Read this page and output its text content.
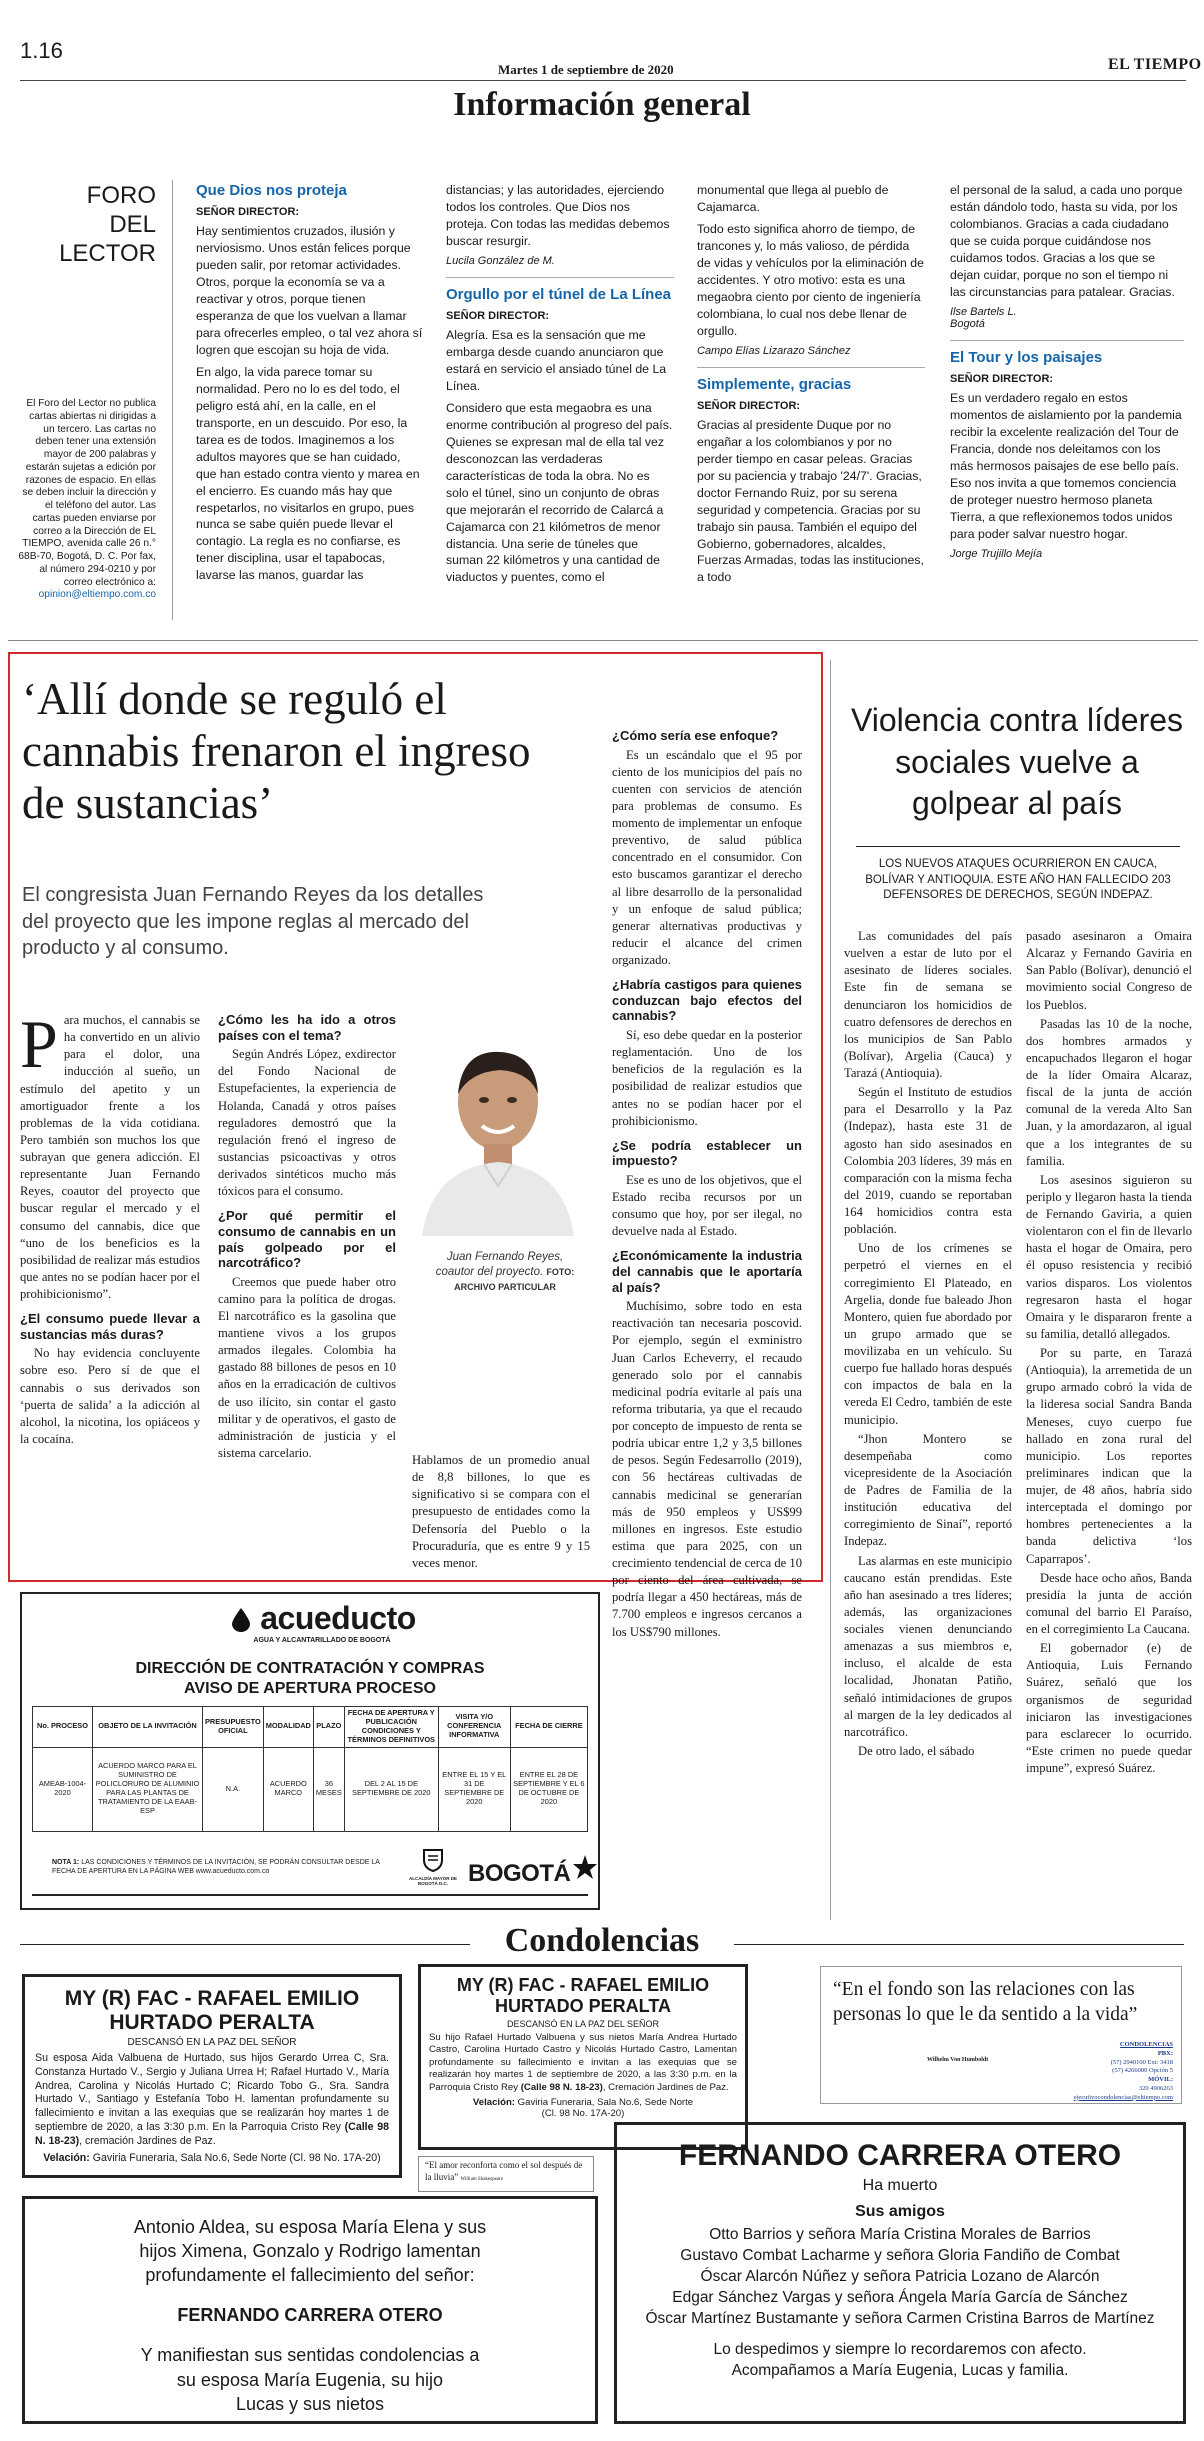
1.16
Martes 1 de septiembre de 2020	EL TIEMPO
Información general
FORO DEL LECTOR
El Foro del Lector no publica cartas abiertas ni dirigidas a un tercero. Las cartas no deben tener una extensión mayor de 200 palabras y estarán sujetas a edición por razones de espacio. En ellas se deben incluir la dirección y el teléfono del autor. Las cartas pueden enviarse por correo a la Dirección de EL TIEMPO, avenida calle 26 n.° 68B-70, Bogotá, D. C. Por fax, al número 294-0210 y por correo electrónico a: opinion@eltiempo.com.co
Que Dios nos proteja
SEÑOR DIRECTOR:

Hay sentimientos cruzados, ilusión y nerviosismo. Unos están felices porque pueden salir, por retomar actividades. Otros, porque la economía se va a reactivar y otros, porque tienen esperanza de que los vuelvan a llamar para ofrecerles empleo, o tal vez ahora sí logren que escojan su hoja de vida.

En algo, la vida parece tomar su normalidad. Pero no lo es del todo, el peligro está ahí, en la calle, en el transporte, en un descuido. Por eso, la tarea es de todos. Imaginemos a los adultos mayores que se han cuidado, que han estado contra viento y marea en el encierro. Es cuando más hay que respetarlos, no visitarlos en grupo, pues nunca se sabe quién puede llevar el contagio. La regla es no confiarse, es tener disciplina, usar el tapabocas, lavarse las manos, guardar las

distancias; y las autoridades, ejerciendo todos los controles. Que Dios nos proteja. Con todas las medidas debemos buscar resurgir.

Lucila González de M.
Orgullo por el túnel de La Línea
SEÑOR DIRECTOR:

Alegría. Esa es la sensación que me embarga desde cuando anunciaron que estará en servicio el ansiado túnel de La Línea.

Considero que esta megaobra es una enorme contribución al progreso del país. Quienes se expresan mal de ella tal vez desconozcan las verdaderas características de toda la obra. No es solo el túnel, sino un conjunto de obras que mejorarán el recorrido de Calarcá a Cajamarca con 21 kilómetros de menor distancia. Una serie de túneles que suman 22 kilómetros y una cantidad de viaductos y puentes, como el

monumental que llega al pueblo de Cajamarca.

Todo esto significa ahorro de tiempo, de trancones y, lo más valioso, de pérdida de vidas y vehículos por la eliminación de accidentes. Y otro motivo: esta es una megaobra ciento por ciento de ingeniería colombiana, lo cual nos debe llenar de orgullo.

Campo Elías Lizarazo Sánchez
Simplemente, gracias
SEÑOR DIRECTOR:

Gracias al presidente Duque por no engañar a los colombianos y por no perder tiempo en casar peleas. Gracias por su paciencia y trabajo '24/7'. Gracias, doctor Fernando Ruiz, por su serena seguridad y competencia. Gracias por su trabajo sin pausa. También el equipo del Gobierno, gobernadores, alcaldes, Fuerzas Armadas, todas las instituciones, a todo

el personal de la salud, a cada uno porque están dándolo todo, hasta su vida, por los colombianos. Gracias a cada ciudadano que se cuida porque cuidándose nos cuidamos todos. Gracias a los que se dejan cuidar, porque no son el tiempo ni las circunstancias para patalear. Gracias.

Ilse Bartels L.
Bogotá
El Tour y los paisajes
SEÑOR DIRECTOR:

Es un verdadero regalo en estos momentos de aislamiento por la pandemia recibir la excelente realización del Tour de Francia, donde nos deleitamos con los más hermosos paisajes de ese bello país. Eso nos invita a que tomemos conciencia de proteger nuestro hermoso planeta Tierra, a que reflexionemos todos unidos para poder salvar nuestro hogar.

Jorge Trujillo Mejía
‘Allí donde se reguló el cannabis frenaron el ingreso de sustancias’
El congresista Juan Fernando Reyes da los detalles del proyecto que les impone reglas al mercado del producto y al consumo.

Para muchos, el cannabis se ha convertido en un alivio para el dolor, una inducción al sueño, un estímulo del apetito y un amortiguador frente a los problemas de la vida cotidiana. Pero también son muchos los que subrayan que genera adicción. El representante Juan Fernando Reyes, coautor del proyecto que buscar regular el mercado y el consumo del cannabis, dice que “uno de los beneficios es la posibilidad de realizar más estudios que antes no se podían hacer por el prohibicionismo”.

¿El consumo puede llevar a sustancias más duras?

No hay evidencia concluyente sobre eso. Pero sí de que el cannabis o sus derivados son ‘puerta de salida’ a la adicción al alcohol, la nicotina, los opiáceos y la cocaína.

¿Cómo les ha ido a otros países con el tema?

Según Andrés López, exdirector del Fondo Nacional de Estupefacientes, la experiencia de Holanda, Canadá y otros países reguladores demostró que la regulación frenó el ingreso de sustancias psicoactivas y otros derivados sintéticos mucho más tóxicos para el consumo.

¿Por qué permitir el consumo de cannabis en un país golpeado por el narcotráfico?

Creemos que puede haber otro camino para la política de drogas. El narcotráfico es la gasolina que mantiene vivos a los grupos armados ilegales. Colombia ha gastado 88 billones de pesos en 10 años en la erradicación de cultivos de uso ilícito, sin contar el gasto militar y de operativos, el gasto de administración de justicia y el sistema carcelario.

Juan Fernando Reyes, coautor del proyecto. FOTO: ARCHIVO PARTICULAR

Hablamos de un promedio anual de 8,8 billones, lo que es significativo si se compara con el presupuesto de entidades como la Defensoría del Pueblo o la Procuraduría, que es entre 9 y 15 veces menor.

¿Cómo sería ese enfoque?

Es un escándalo que el 95 por ciento de los municipios del país no cuenten con servicios de atención para problemas de consumo. Es momento de implementar un enfoque preventivo, de salud pública concentrado en el consumidor. Con esto buscamos garantizar el derecho al libre desarrollo de la personalidad y un enfoque de salud pública; generar alternativas productivas y reducir el alcance del crimen organizado.

¿Habría castigos para quienes conduzcan bajo efectos del cannabis?

Sí, eso debe quedar en la posterior reglamentación. Uno de los beneficios de la regulación es la posibilidad de realizar estudios que antes no se podían hacer por el prohibicionismo.

¿Se podría establecer un impuesto?

Ese es uno de los objetivos, que el Estado reciba recursos por un consumo que hoy, por ser ilegal, no devuelve nada al Estado.

¿Económicamente la industria del cannabis que le aportaría al país?

Muchísimo, sobre todo en esta reactivación tan necesaria poscovid. Por ejemplo, según el exministro Juan Carlos Echeverry, el recaudo generado solo por el cannabis medicinal podría evitarle al país una reforma tributaria, ya que el recaudo por concepto de impuesto de renta se podría ubicar entre 1,2 y 3,5 billones de pesos. Según Fedesarrollo (2019), con 56 hectáreas cultivadas de cannabis medicinal se generarían más de 950 empleos y US$99 millones en ingresos. Este estudio estima que para 2025, con un crecimiento tendencial de cerca de 10 por ciento del área cultivada, se podría llegar a 450 hectáreas, más de 7.700 empleos e ingresos cercanos a los US$790 millones.

Violencia contra líderes sociales vuelve a golpear al país
LOS NUEVOS ATAQUES OCURRIERON EN CAUCA, BOLÍVAR Y ANTIOQUIA. ESTE AÑO HAN FALLECIDO 203 DEFENSORES DE DERECHOS, SEGÚN INDEPAZ.

Las comunidades del país vuelven a estar de luto por el asesinato de líderes sociales. Este fin de semana se denunciaron los homicidios de cuatro defensores de derechos en los municipios de San Pablo (Bolívar), Argelia (Cauca) y Tarazá (Antioquia).

Según el Instituto de estudios para el Desarrollo y la Paz (Indepaz), hasta este 31 de agosto han sido asesinados en Colombia 203 líderes, 39 más en comparación con la misma fecha del 2019, cuando se reportaban 164 homicidios contra esta población.

Uno de los crímenes se perpetró el viernes en el corregimiento El Plateado, en Argelia, donde fue baleado Jhon Montero, quien fue abordado por un grupo armado que se movilizaba en un vehículo. Su cuerpo fue hallado horas después con impactos de bala en la vereda El Cedro, también de este municipio.

“Jhon Montero se desempeñaba como vicepresidente de la Asociación de Padres de Familia de la institución educativa del corregimiento de Sinaí”, reportó Indepaz.

Las alarmas en este municipio caucano están prendidas. Este año han asesinado a tres líderes; además, las organizaciones sociales vienen denunciando amenazas a sus miembros e, incluso, el alcalde de esta localidad, Jhonatan Patiño, señaló intimidaciones de grupos al margen de la ley dedicados al narcotráfico.

De otro lado, el sábado

pasado asesinaron a Omaira Alcaraz y Fernando Gaviria en San Pablo (Bolívar), denunció el movimiento social Congreso de los Pueblos.

Pasadas las 10 de la noche, dos hombres armados y encapuchados llegaron el hogar de la líder Omaira Alcaraz, fiscal de la junta de acción comunal de la vereda Alto San Juan, y la amordazaron, al igual que a los integrantes de su familia.

Los asesinos siguieron su periplo y llegaron hasta la tienda de Fernando Gaviria, a quien violentaron con el fin de llevarlo hasta el hogar de Omaira, pero él opuso resistencia y recibió varios disparos. Los violentos regresaron hasta el hogar Omaira y le dispararon frente a su familia, detalló allegados.

Por su parte, en Tarazá (Antioquia), la arremetida de un grupo armado cobró la vida de la lideresa social Sandra Banda Meneses, cuyo cuerpo fue hallado en zona rural del municipio. Los reportes preliminares indican que la mujer, de 48 años, habría sido interceptada el domingo por hombres pertenecientes a la banda delictiva ‘los Caparrapos’.

Desde hace ocho años, Banda presidía la junta de acción comunal del barrio El Paraíso, en el corregimiento La Caucana.

El gobernador (e) de Antioquia, Luis Fernando Suárez, señaló que los organismos de seguridad iniciaron las investigaciones para esclarecer lo ocurrido. “Este crimen no puede quedar impune”, expresó Suárez.

acueducto
AGUA Y ALCANTARILLADO DE BOGOTÁ
DIRECCIÓN DE CONTRATACIÓN Y COMPRAS
AVISO DE APERTURA PROCESO
No. PROCESO	OBJETO DE LA INVITACIÓN	PRESUPUESTO OFICIAL	MODALIDAD	PLAZO	FECHA DE APERTURA Y PUBLICACIÓN CONDICIONES Y TÉRMINOS DEFINITIVOS	VISITA Y/O CONFERENCIA INFORMATIVA	FECHA DE CIERRE
AMEAB-1004-2020	ACUERDO MARCO PARA EL SUMINISTRO DE POLICLORURO DE ALUMINIO PARA LAS PLANTAS DE TRATAMIENTO DE LA EAAB-ESP	N.A.	ACUERDO MARCO	36 MESES	DEL 2 AL 15 DE SEPTIEMBRE DE 2020	ENTRE EL 15 Y EL 31 DE SEPTIEMBRE DE 2020	ENTRE EL 28 DE SEPTIEMBRE Y EL 6 DE OCTUBRE DE 2020
NOTA 1: LAS CONDICIONES Y TÉRMINOS DE LA INVITACIÓN, SE PODRÁN CONSULTAR DESDE LA FECHA DE APERTURA EN LA PÁGINA WEB www.acueducto.com.co
ALCALDÍA MAYOR DE BOGOTÁ D.C. BOGOTÁ
Condolencias
MY (R) FAC - RAFAEL EMILIO
HURTADO PERALTA
DESCANSÓ EN LA PAZ DEL SEÑOR

Su esposa Aida Valbuena de Hurtado, sus hijos Gerardo Urrea C, Sra. Constanza Hurtado V., Sergio y Juliana Urrea H; Rafael Hurtado V., María Andrea, Carolina y Nicolás Hurtado C; Ricardo Tobo G., Sra. Sandra Hurtado V., Santiago y Estefanía Tobo H. lamentan profundamente su fallecimiento e invitan a las exequias que se realizarán hoy martes 1 de septiembre de 2020, a las 3:30 p.m. En la Parroquia Cristo Rey (Calle 98 N. 18-23), cremación Jardines de Paz.

Velación: Gaviria Funeraria, Sala No.6, Sede Norte (Cl. 98 No. 17A-20)
MY (R) FAC - RAFAEL EMILIO
HURTADO PERALTA
DESCANSÓ EN LA PAZ DEL SEÑOR

Su hijo Rafael Hurtado Valbuena y sus nietos María Andrea Hurtado Castro, Carolina Hurtado Castro y Nicolás Hurtado Castro, Lamentan profundamente su fallecimiento e invitan a las exequias que se realizarán hoy martes 1 de septiembre de 2020, a las 3:30 p.m. en la Parroquia Cristo Rey (Calle 98 N. 18-23), Cremación Jardines de Paz.

Velación: Gaviria Funeraria, Sala No.6, Sede Norte
(Cl. 98 No. 17A-20)
“El amor reconforta como el sol después de la lluvia” William Shakespeare
“En el fondo son las relaciones con las personas lo que le da sentido a la vida”
Wilhelm Von Humboldt
CONDOLENCIAS
PBX:
(57) 2940100 Ext: 3418
(57) 4266000 Opción 5
MÓVIL:
320 4906263
ejecutivocondolencias@eltiempo.com
Antonio Aldea, su esposa María Elena y sus
hijos Ximena, Gonzalo y Rodrigo lamentan
profundamente el fallecimiento del señor:
FERNANDO CARRERA OTERO
Y manifiestan sus sentidas condolencias a
su esposa María Eugenia, su hijo
Lucas y sus nietos
FERNANDO CARRERA OTERO
Ha muerto
Sus amigos
Otto Barrios y señora María Cristina Morales de Barrios
Gustavo Combat Lacharme y señora Gloria Fandiño de Combat
Óscar Alarcón Núñez y señora Patricia Lozano de Alarcón
Edgar Sánchez Vargas y señora Ángela María García de Sánchez
Óscar Martínez Bustamante y señora Carmen Cristina Barros de Martínez
Lo despedimos y siempre lo recordaremos con afecto.
Acompañamos a María Eugenia, Lucas y familia.
